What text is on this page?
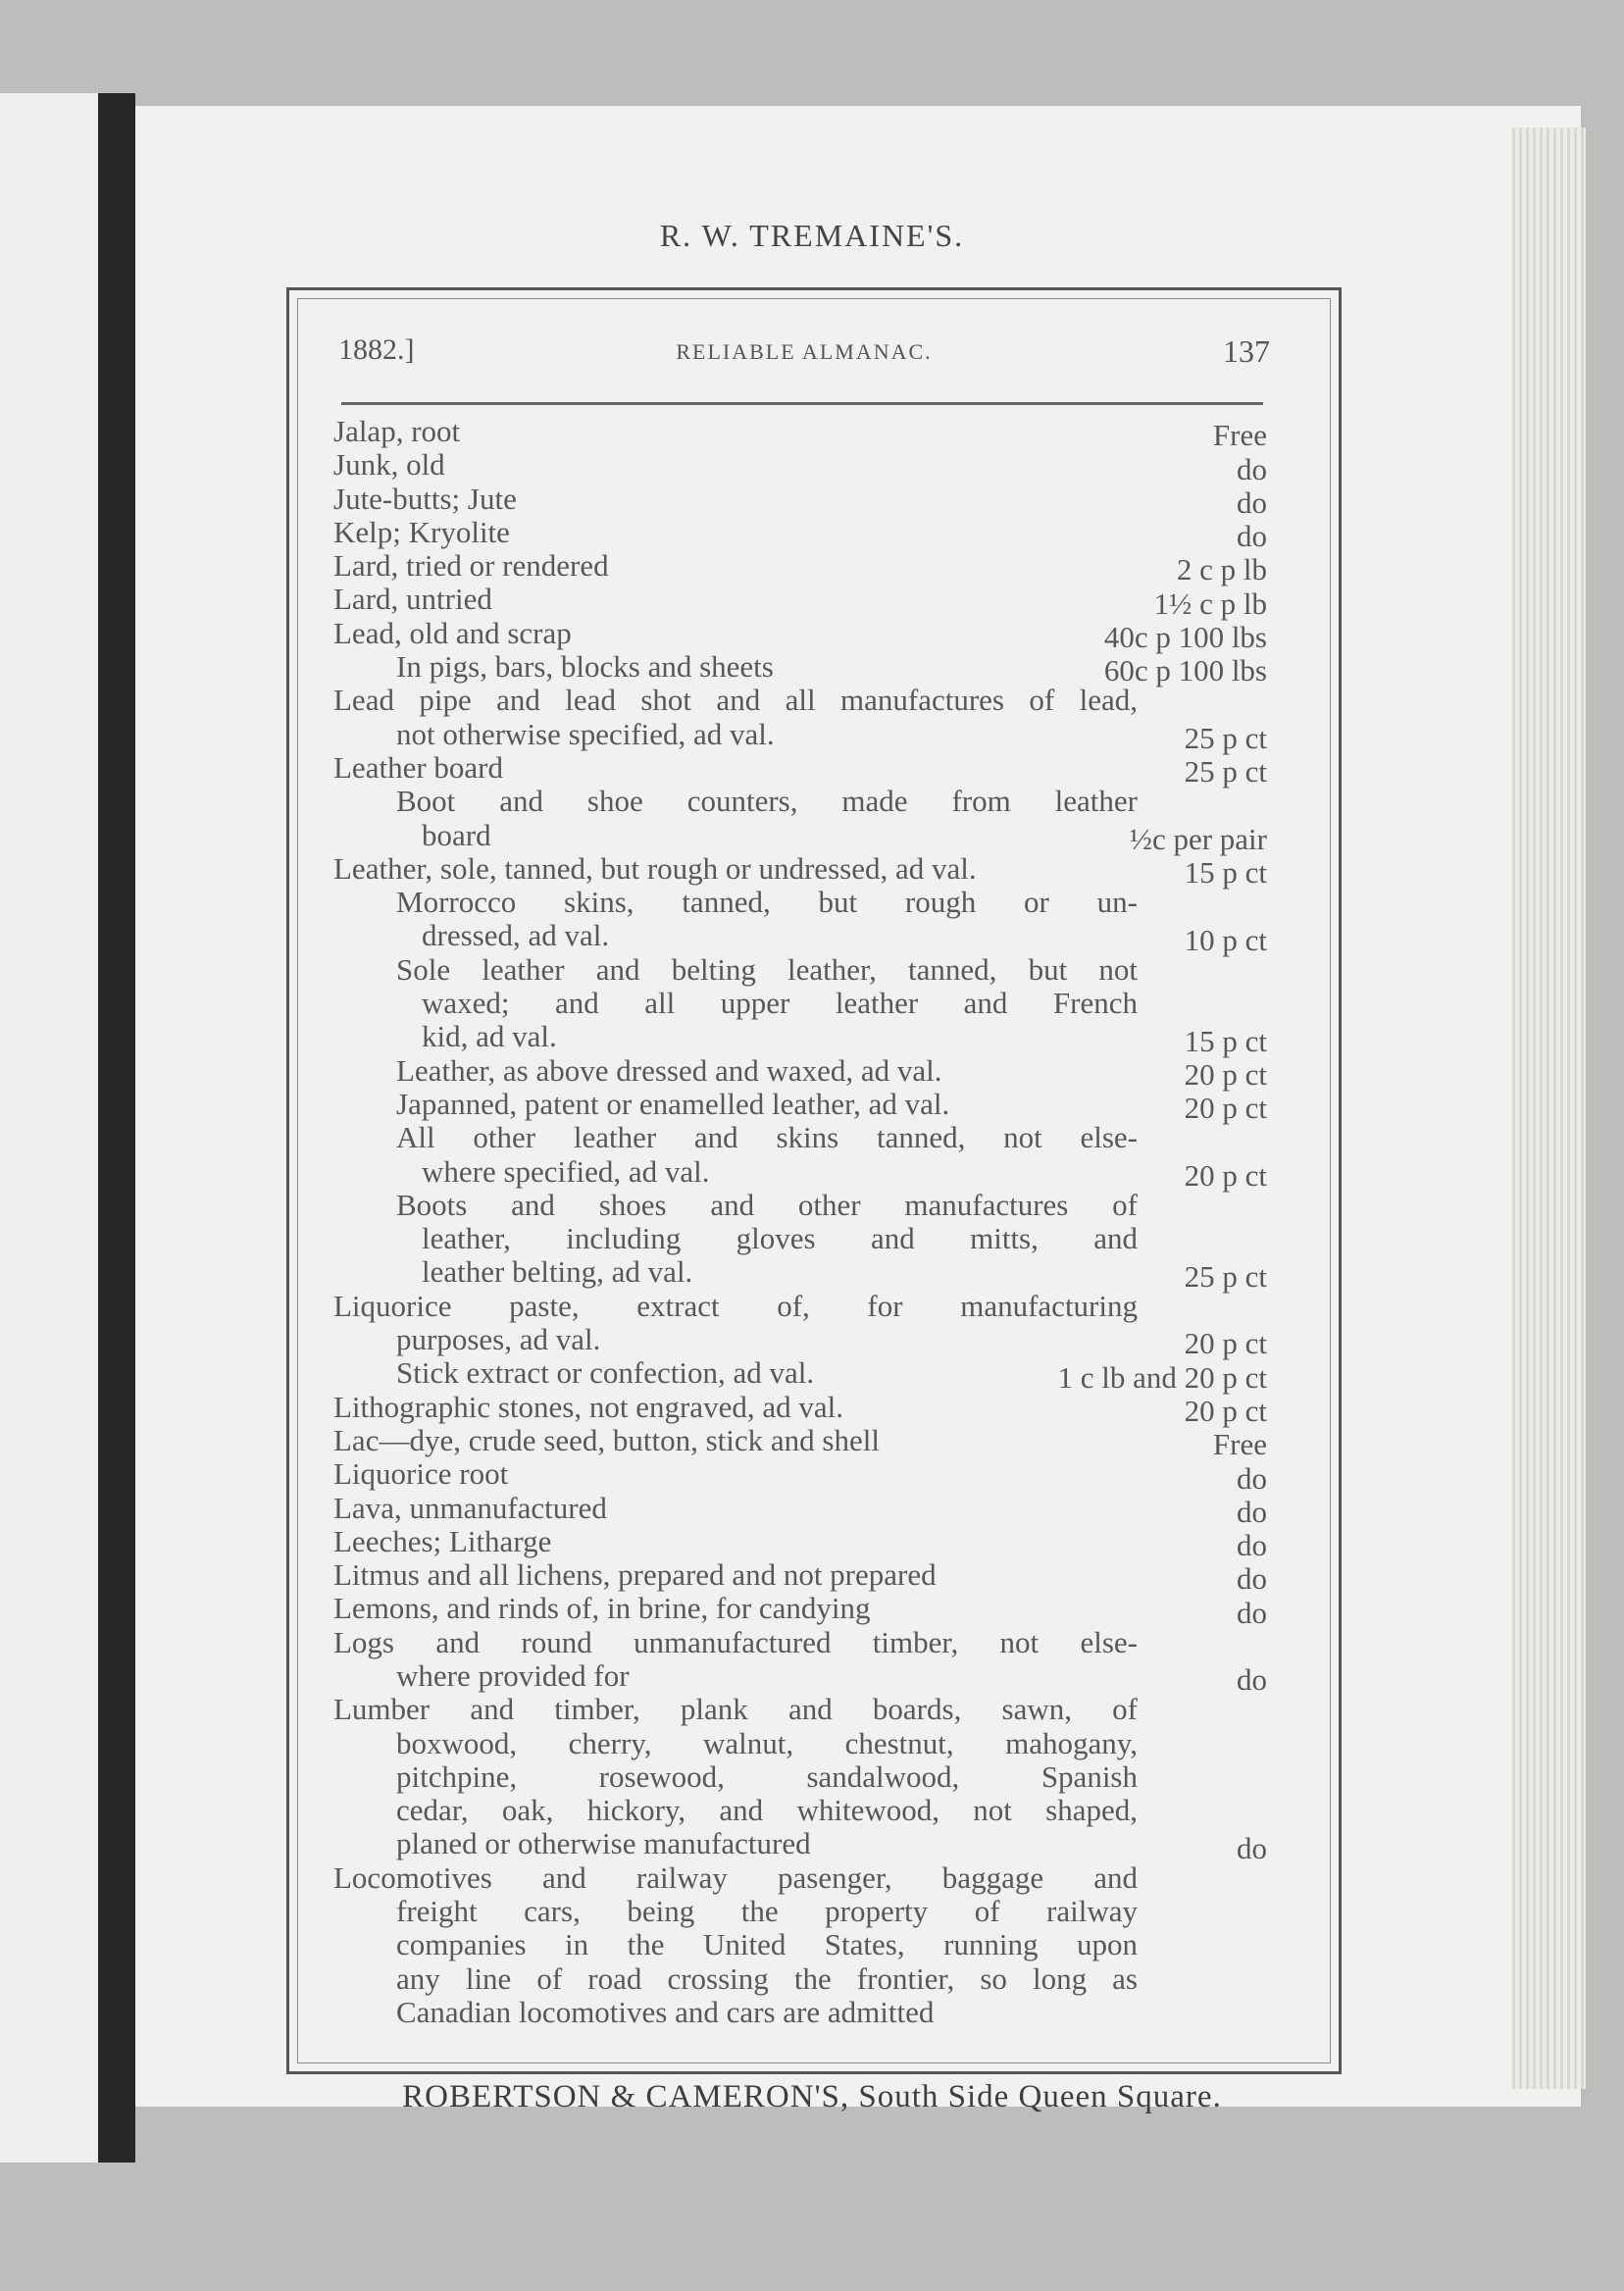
R. W. TREMAINE'S.
1882.]	RELIABLE ALMANAC.	137
Jalap, root	Free
Junk, old	do
Jute-butts; Jute	do
Kelp; Kryolite	do
Lard, tried or rendered	2 c p lb
Lard, untried	1½ c p lb
Lead, old and scrap	40c p 100 lbs
In pigs, bars, blocks and sheets	60c p 100 lbs
Lead pipe and lead shot and all manufactures of lead,
not otherwise specified, ad val.	25 p ct
Leather board	25 p ct
Boot and shoe counters, made from leather
board	½c per pair
Leather, sole, tanned, but rough or undressed, ad val.	15 p ct
Morrocco skins, tanned, but rough or un-
dressed, ad val.	10 p ct
Sole leather and belting leather, tanned, but not
waxed; and all upper leather and French
kid, ad val.	15 p ct
Leather, as above dressed and waxed, ad val.	20 p ct
Japanned, patent or enamelled leather, ad val.	20 p ct
All other leather and skins tanned, not else-
where specified, ad val.	20 p ct
Boots and shoes and other manufactures of
leather, including gloves and mitts, and
leather belting, ad val.	25 p ct
Liquorice paste, extract of, for manufacturing
purposes, ad val.	20 p ct
Stick extract or confection, ad val.	1 c lb and 20 p ct
Lithographic stones, not engraved, ad val.	20 p ct
Lac—dye, crude seed, button, stick and shell	Free
Liquorice root	do
Lava, unmanufactured	do
Leeches; Litharge	do
Litmus and all lichens, prepared and not prepared	do
Lemons, and rinds of, in brine, for candying	do
Logs and round unmanufactured timber, not else-
where provided for	do
Lumber and timber, plank and boards, sawn, of
boxwood, cherry, walnut, chestnut, mahogany,
pitchpine, rosewood, sandalwood, Spanish
cedar, oak, hickory, and whitewood, not shaped,
planed or otherwise manufactured	do
Locomotives and railway pasenger, baggage and
freight cars, being the property of railway
companies in the United States, running upon
any line of road crossing the frontier, so long as
Canadian locomotives and cars are admitted
ROBERTSON & CAMERON'S, South Side Queen Square.
